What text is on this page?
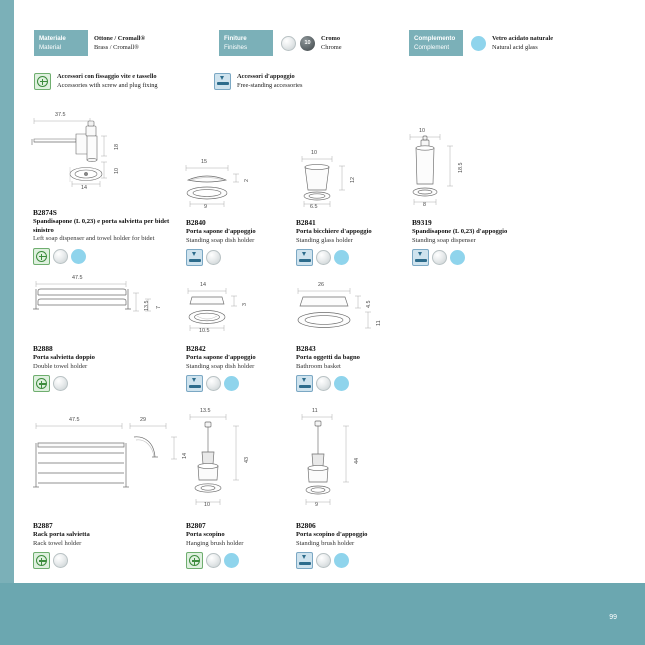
99
Materiale
Material
Ottone / Cromall®
Brass / Cromall®
Finiture
Finishes
10
Cromo
Chrome
Complemento
Complement
Vetro acidato naturale
Natural acid glass
Accessori con fissaggio vite e tassello
Accessories with screw and plug fixing
Accessori d'appoggio
Free-standing accessories
37.5
18
10
14
B2874S
Spandisapone (L 0,23) e porta salvietta per bidet sinistro
Left soap dispenser and towel holder for bidet
15
2
9
B2840
Porta sapone d'appoggio
Standing soap dish holder
10
12
6.5
B2841
Porta bicchiere d'appoggio
Standing glass holder
10
18.5
8
B9319
Spandisapone (L 0,23) d'appoggio
Standing soap dispenser
47.5
13.5 7
B2888
Porta salvietta doppio
Double towel holder
14
3
10.5
B2842
Porta sapone d'appoggio
Standing soap dish holder
26
4.5
11
B2843
Porta oggetti da bagno
Bathroom basket
47.5	29
14
B2887
Rack porta salvietta
Rack towel holder
13.5
43
10
B2807
Porta scopino
Hanging brush holder
11
44
9
B2806
Porta scopino d'appoggio
Standing brush holder
